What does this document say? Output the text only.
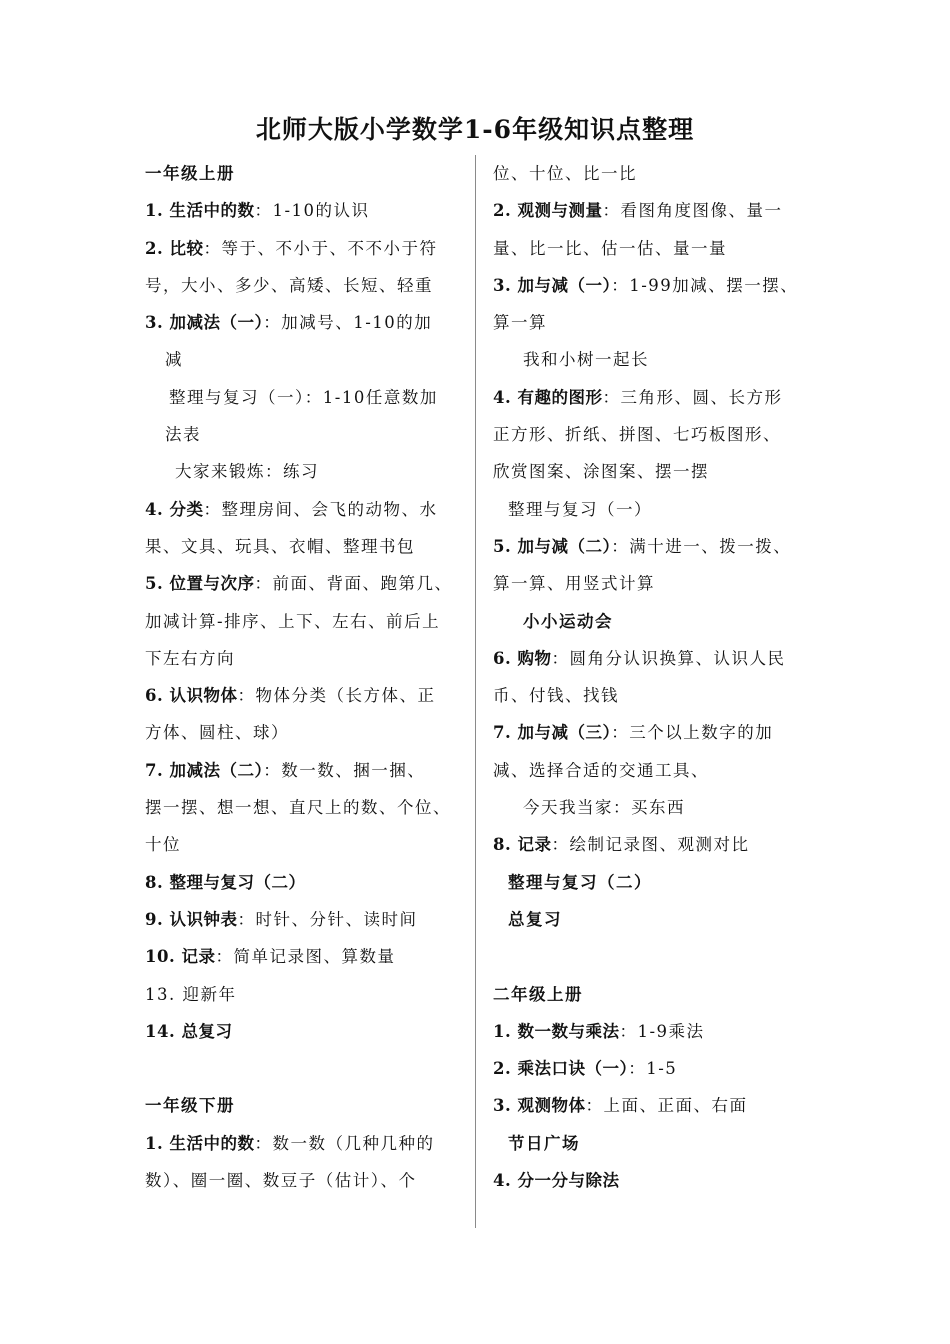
北师大版小学数学1-6年级知识点整理
一年级上册
1. 生活中的数：1-10的认识
2. 比较：等于、不小于、不不小于符
号，大小、多少、高矮、长短、轻重
3. 加减法（一）：加减号、1-10的加
减
整理与复习（一）：1-10任意数加
法表
大家来锻炼：练习
4. 分类：整理房间、会飞的动物、水
果、文具、玩具、衣帽、整理书包
5. 位置与次序：前面、背面、跑第几、
加减计算-排序、上下、左右、前后上
下左右方向
6. 认识物体：物体分类（长方体、正
方体、圆柱、球）
7. 加减法（二）：数一数、捆一捆、
摆一摆、想一想、直尺上的数、个位、
十位
8. 整理与复习（二）
9. 认识钟表：时针、分针、读时间
10. 记录：简单记录图、算数量
13. 迎新年
14. 总复习
一年级下册
1. 生活中的数：数一数（几种几种的
数）、圈一圈、数豆子（估计）、个
位、十位、比一比
2. 观测与测量：看图角度图像、量一
量、比一比、估一估、量一量
3. 加与减（一）：1-99加减、摆一摆、
算一算
我和小树一起长
4. 有趣的图形：三角形、圆、长方形
正方形、折纸、拼图、七巧板图形、
欣赏图案、涂图案、摆一摆
整理与复习（一）
5. 加与减（二）：满十进一、拨一拨、
算一算、用竖式计算
小小运动会
6. 购物：圆角分认识换算、认识人民
币、付钱、找钱
7. 加与减（三）：三个以上数字的加
减、选择合适的交通工具、
今天我当家：买东西
8. 记录：绘制记录图、观测对比
整理与复习（二）
总复习
二年级上册
1. 数一数与乘法：1-9乘法
2. 乘法口诀（一）：1-5
3. 观测物体：上面、正面、右面
节日广场
4. 分一分与除法
